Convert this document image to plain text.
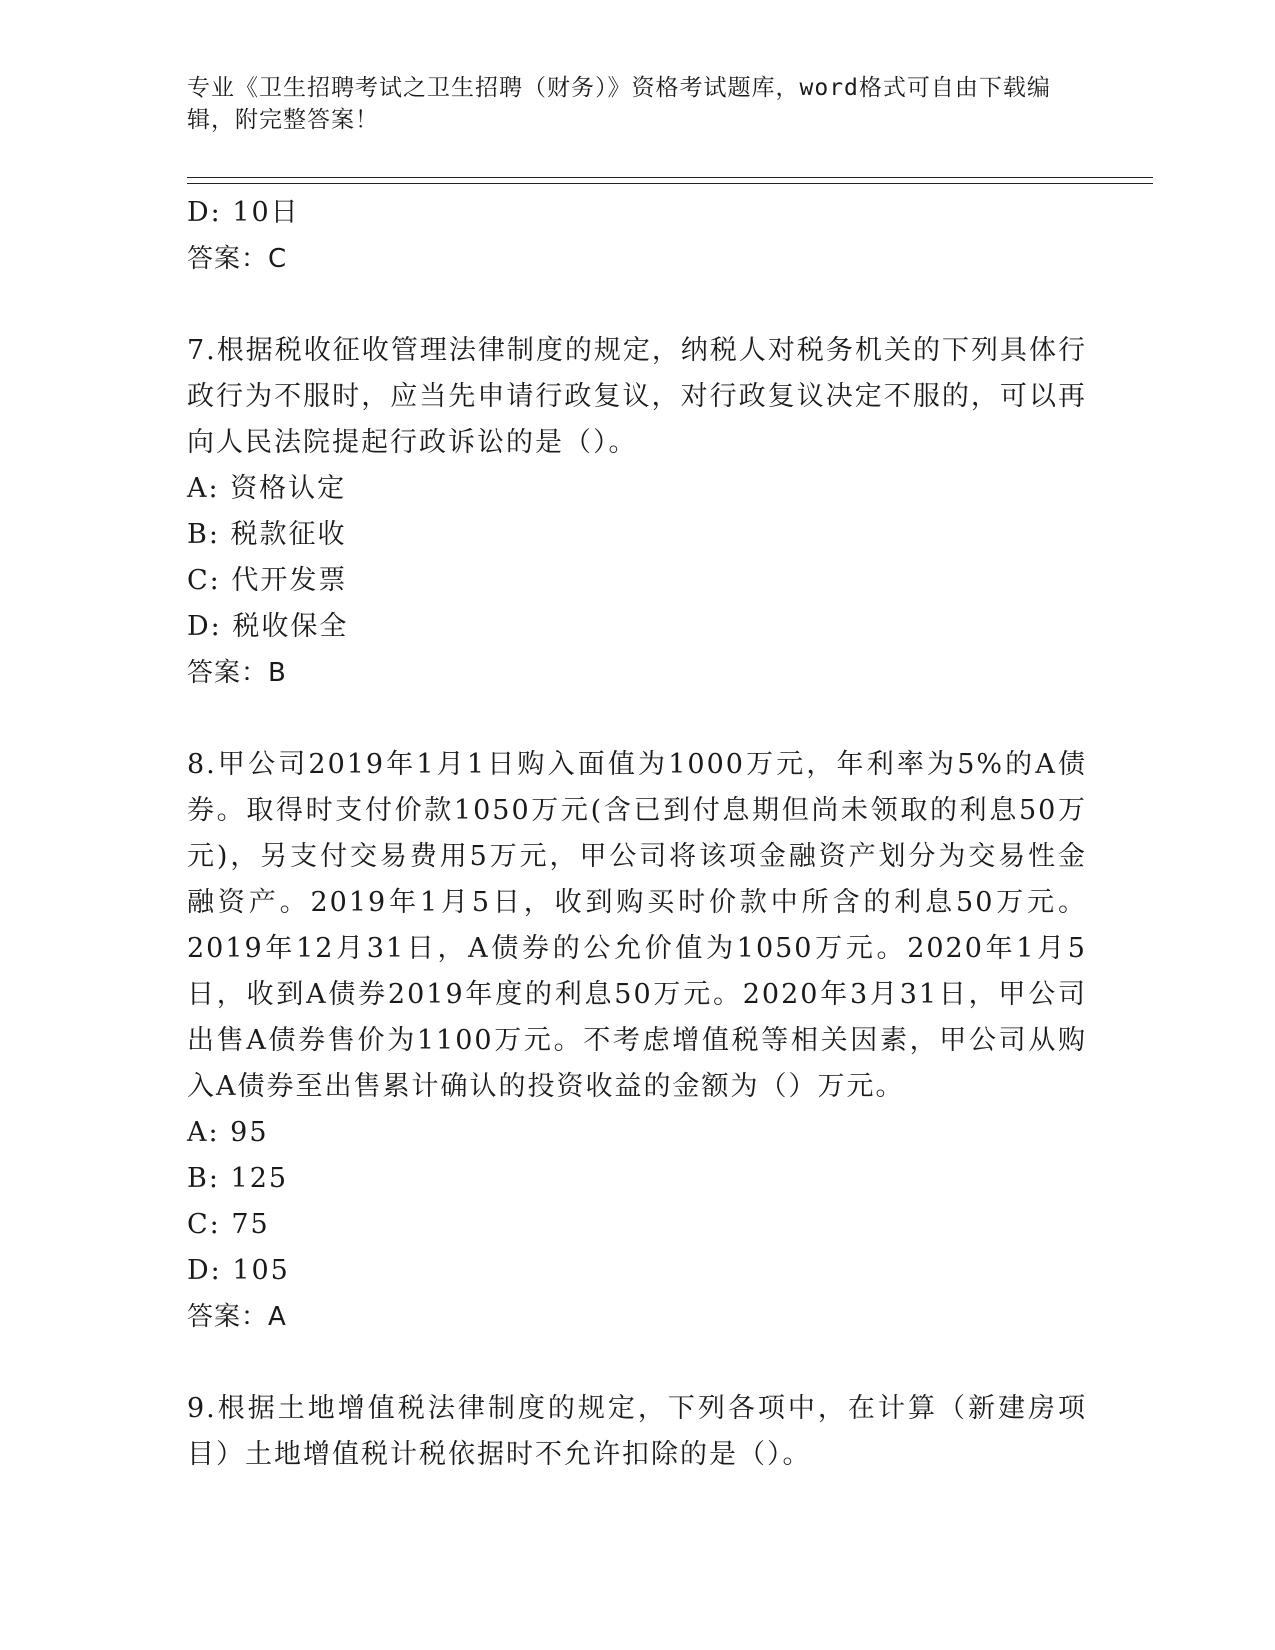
专业《卫生招聘考试之卫生招聘（财务）》资格考试题库，word格式可自由下载编辑，附完整答案！
D: 10日
答案：C
7.根据税收征收管理法律制度的规定，纳税人对税务机关的下列具体行政行为不服时，应当先申请行政复议，对行政复议决定不服的，可以再向人民法院提起行政诉讼的是（）。
A: 资格认定
B: 税款征收
C: 代开发票
D: 税收保全
答案：B
8.甲公司2019年1月1日购入面值为1000万元，年利率为5%的A债券。取得时支付价款1050万元(含已到付息期但尚未领取的利息50万元)，另支付交易费用5万元，甲公司将该项金融资产划分为交易性金融资产。2019年1月5日，收到购买时价款中所含的利息50万元。2019年12月31日，A债券的公允价值为1050万元。2020年1月5日，收到A债券2019年度的利息50万元。2020年3月31日，甲公司出售A债券售价为1100万元。不考虑增值税等相关因素，甲公司从购入A债券至出售累计确认的投资收益的金额为（）万元。
A: 95
B: 125
C: 75
D: 105
答案：A
9.根据土地增值税法律制度的规定，下列各项中，在计算（新建房项目）土地增值税计税依据时不允许扣除的是（）。
